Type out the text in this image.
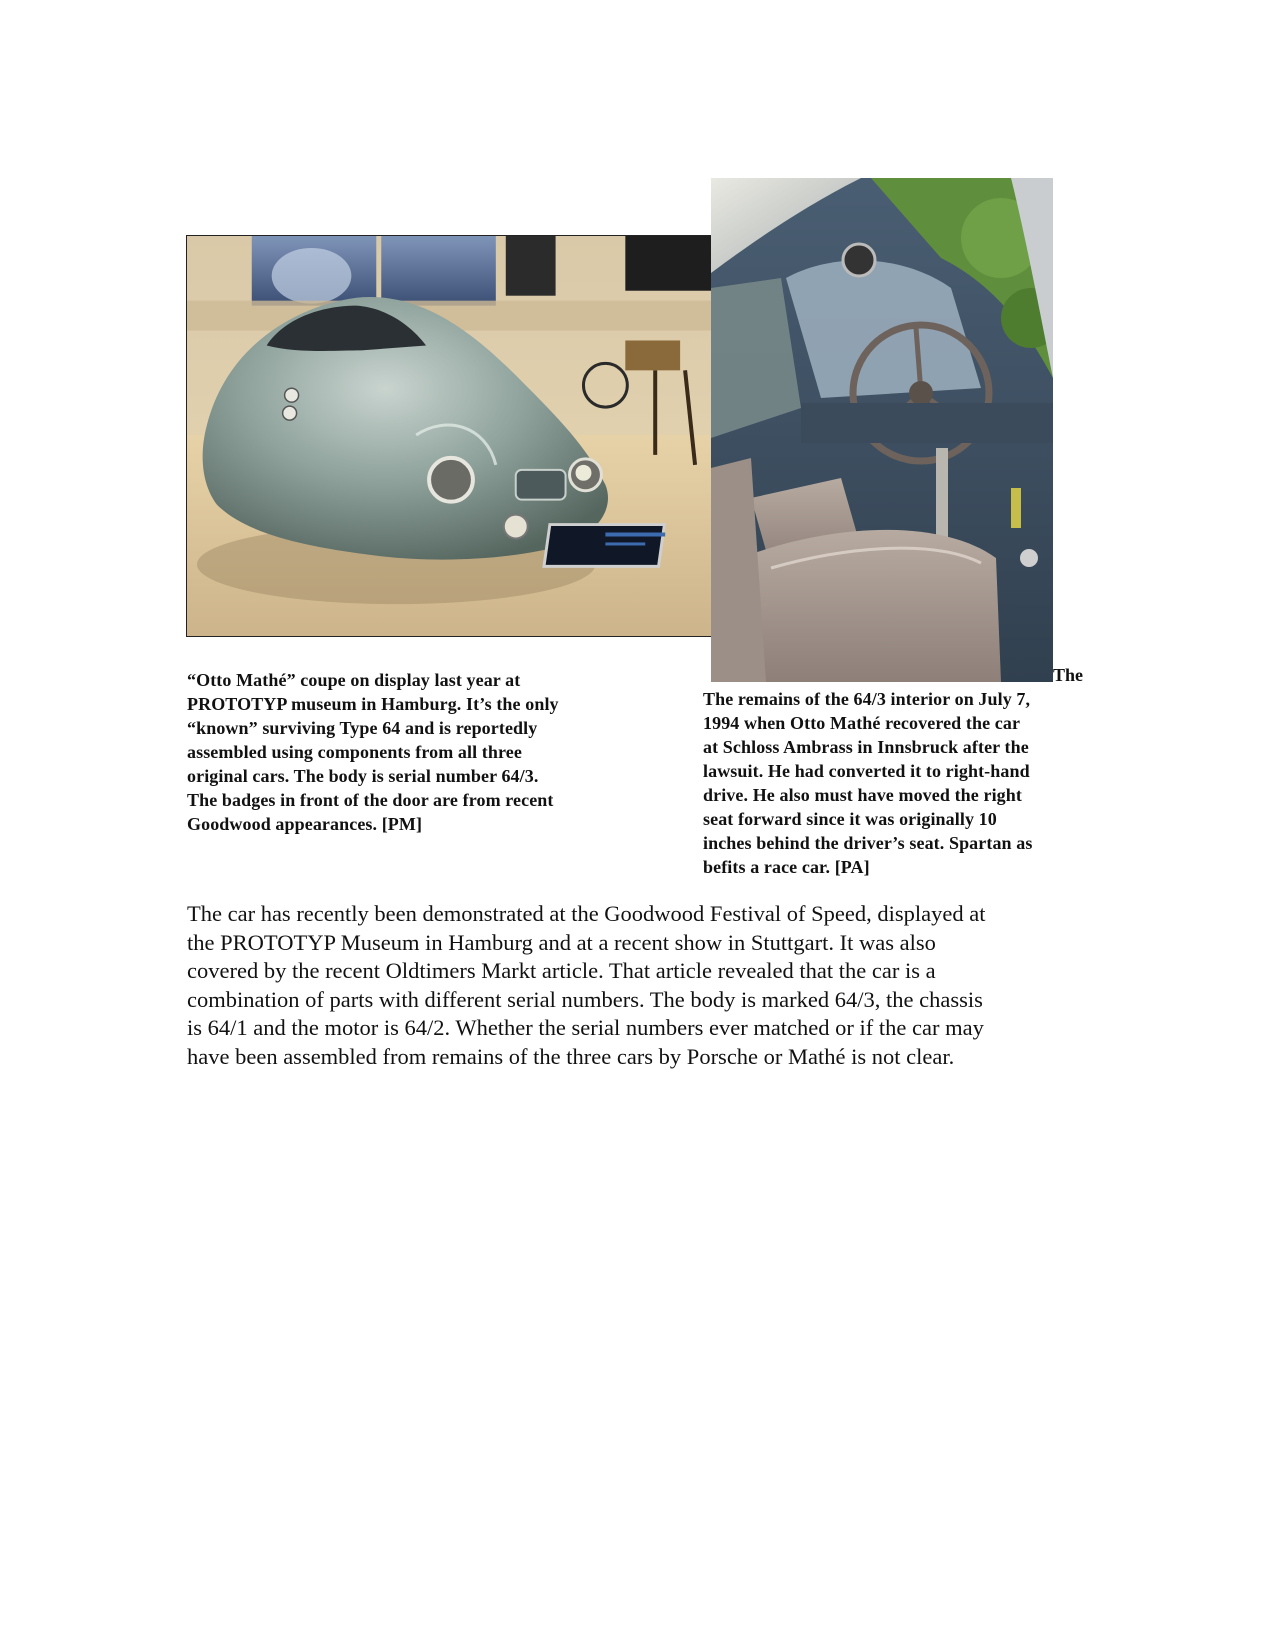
“Otto Mathé” coupe on display last year at
PROTOTYP museum in Hamburg. It’s the only
“known” surviving Type 64 and is reportedly
assembled using components from all three
original cars. The body is serial number 64/3.
The badges in front of the door are from recent
Goodwood appearances. [PM]

The

The remains of the 64/3 interior on July 7,
1994 when Otto Mathé recovered the car
at Schloss Ambrass in Innsbruck after the
lawsuit. He had converted it to right-hand
drive. He also must have moved the right
seat forward since it was originally 10
inches behind the driver’s seat. Spartan as
befits a race car. [PA]

The car has recently been demonstrated at the Goodwood Festival of Speed, displayed at
the PROTOTYP Museum in Hamburg and at a recent show in Stuttgart. It was also
covered by the recent Oldtimers Markt article. That article revealed that the car is a
combination of parts with different serial numbers. The body is marked 64/3, the chassis
is 64/1 and the motor is 64/2. Whether the serial numbers ever matched or if the car may
have been assembled from remains of the three cars by Porsche or Mathé is not clear.
